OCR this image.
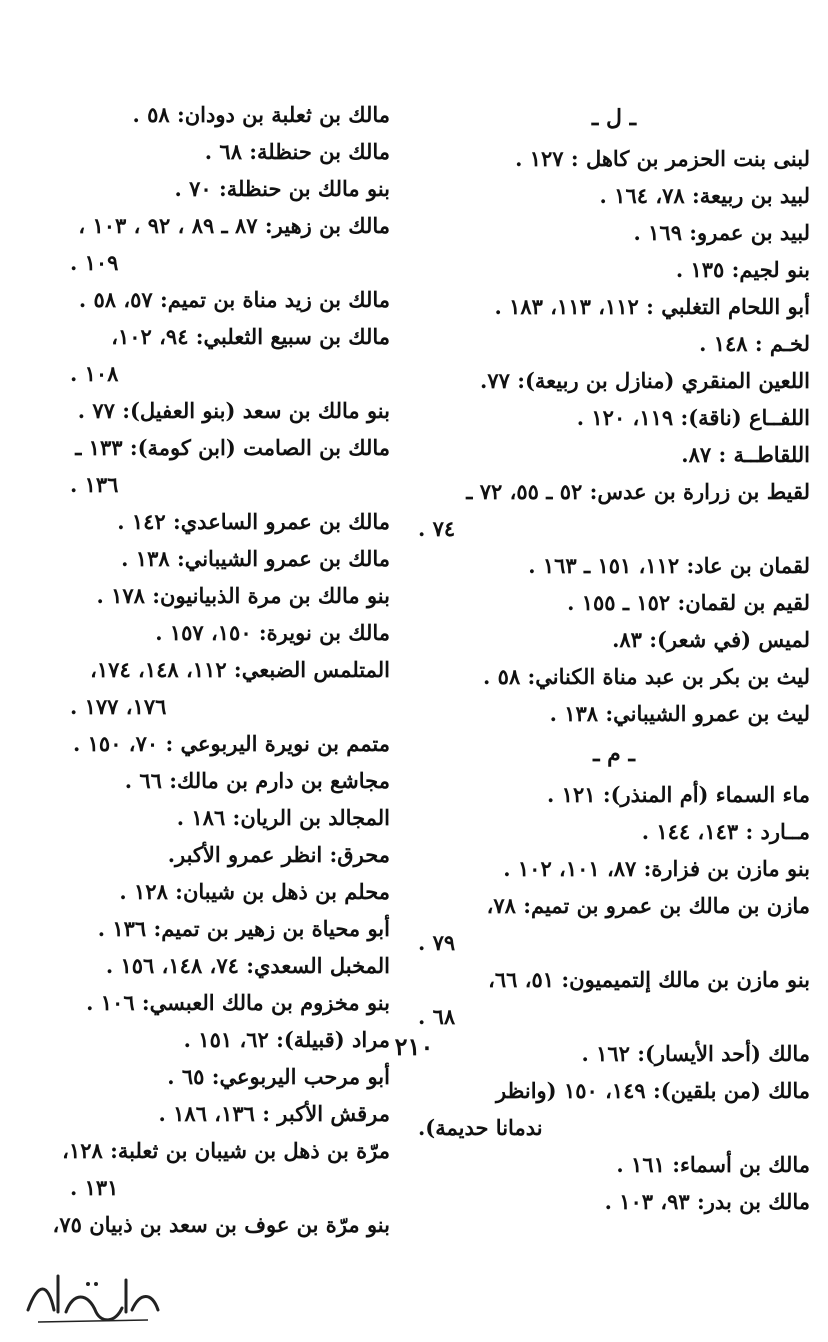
ـ ل ـ
لبنى بنت الحزمر بن كاهل : ١٢٧ .
لبيد بن ربيعة: ٧٨، ١٦٤ .
لبيد بن عمرو: ١٦٩ .
بنو لجيم: ١٣٥ .
أبو اللحام التغلبي : ١١٢، ١١٣، ١٨٣ .
لخـم : ١٤٨ .
اللعين المنقري (منازل بن ربيعة): ٧٧.
اللفــاع (ناقة): ١١٩، ١٢٠ .
اللقاطــة : ٨٧.
لقيط بن زرارة بن عدس: ٥٢ ـ ٥٥، ٧٢ ـ
٧٤ .
لقمان بن عاد: ١١٢، ١٥١ ـ ١٦٣ .
لقيم بن لقمان: ١٥٢ ـ ١٥٥ .
لميس (في شعر): ٨٣.
ليث بن بكر بن عبد مناة الكناني: ٥٨ .
ليث بن عمرو الشيباني: ١٣٨ .
ـ م ـ
ماء السماء (أم المنذر): ١٢١ .
مــارد : ١٤٣، ١٤٤ .
بنو مازن بن فزارة: ٨٧، ١٠١، ١٠٢ .
مازن بن مالك بن عمرو بن تميم: ٧٨،
٧٩ .
بنو مازن بن مالك إلتميميون: ٥١، ٦٦،
٦٨ .
مالك (أحد الأيسار): ١٦٢ .
مالك (من بلقين): ١٤٩، ١٥٠ (وانظر
ندمانا حديمة).
مالك بن أسماء: ١٦١ .
مالك بن بدر: ٩٣، ١٠٣ .
مالك بن ثعلبة بن دودان: ٥٨ .
مالك بن حنظلة: ٦٨ .
بنو مالك بن حنظلة: ٧٠ .
مالك بن زهير: ٨٧ ـ ٨٩ ، ٩٢ ، ١٠٣ ،
١٠٩ .
مالك بن زيد مناة بن تميم: ٥٧، ٥٨ .
مالك بن سبيع الثعلبي: ٩٤، ١٠٢،
١٠٨ .
بنو مالك بن سعد (بنو العفيل): ٧٧ .
مالك بن الصامت (ابن كومة): ١٣٣ ـ
١٣٦ .
مالك بن عمرو الساعدي: ١٤٢ .
مالك بن عمرو الشيباني: ١٣٨ .
بنو مالك بن مرة الذبيانيون: ١٧٨ .
مالك بن نويرة: ١٥٠، ١٥٧ .
المتلمس الضبعي: ١١٢، ١٤٨، ١٧٤،
١٧٦، ١٧٧ .
متمم بن نويرة اليربوعي : ٧٠، ١٥٠ .
مجاشع بن دارم بن مالك: ٦٦ .
المجالد بن الريان: ١٨٦ .
محرق: انظر عمرو الأكبر.
محلم بن ذهل بن شيبان: ١٢٨ .
أبو محياة بن زهير بن تميم: ١٣٦ .
المخبل السعدي: ٧٤، ١٤٨، ١٥٦ .
بنو مخزوم بن مالك العبسي: ١٠٦ .
مراد (قبيلة): ٦٢، ١٥١ .
أبو مرحب اليربوعي: ٦٥ .
مرقش الأكبر : ١٣٦، ١٨٦ .
مرّة بن ذهل بن شيبان بن ثعلبة: ١٢٨،
١٣١ .
بنو مرّة بن عوف بن سعد بن ذبيان ٧٥،
٢١٠
